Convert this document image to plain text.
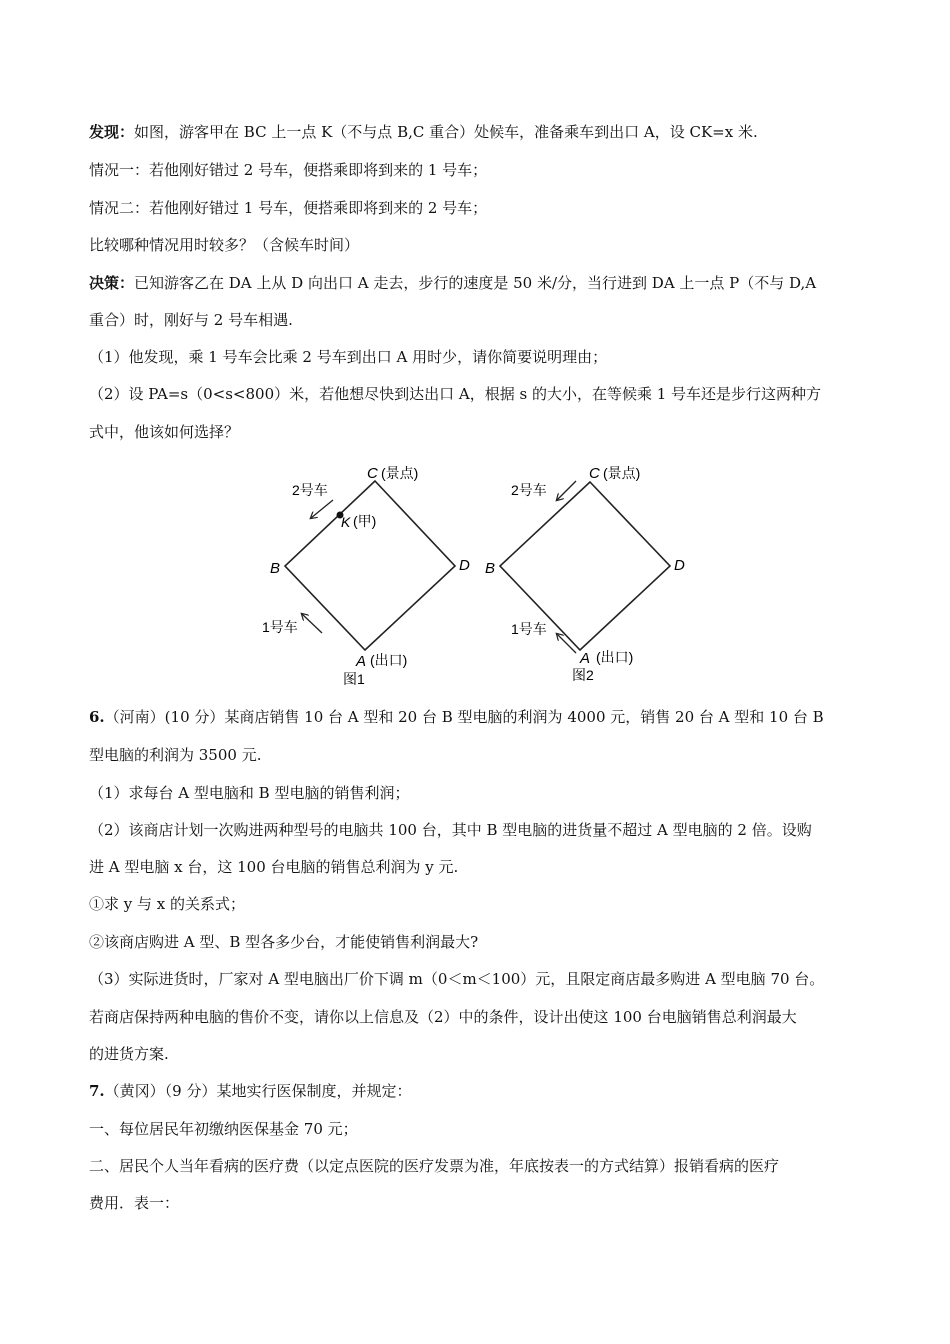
发现：如图，游客甲在 BC 上一点 K（不与点 B,C 重合）处候车，准备乘车到出口 A，设 CK=x 米.
情况一：若他刚好错过 2 号车，便搭乘即将到来的 1 号车；
情况二：若他刚好错过 1 号车，便搭乘即将到来的 2 号车；
比较哪种情况用时较多？（含候车时间）
决策：已知游客乙在 DA 上从 D 向出口 A 走去，步行的速度是 50 米/分，当行进到 DA 上一点 P（不与 D,A
重合）时，刚好与 2 号车相遇.
（1）他发现，乘 1 号车会比乘 2 号车到出口 A 用时少，请你简要说明理由；
（2）设 PA=s（0<s<800）米，若他想尽快到达出口 A，根据 s 的大小，在等候乘 1 号车还是步行这两种方
式中，他该如何选择？
C (景点)
2号车
K (甲)
B	D
1号车
A (出口)
图1
C (景点)
2号车
B	D
1号车
A (出口)
图2
6.（河南）(10 分）某商店销售 10 台 A 型和 20 台 B 型电脑的利润为 4000 元，销售 20 台 A 型和 10 台 B
型电脑的利润为 3500 元.
（1）求每台 A 型电脑和 B 型电脑的销售利润；
（2）该商店计划一次购进两种型号的电脑共 100 台，其中 B 型电脑的进货量不超过 A 型电脑的 2 倍。设购
进 A 型电脑 x 台，这 100 台电脑的销售总利润为 y 元.
①求 y 与 x 的关系式；
②该商店购进 A 型、B 型各多少台，才能使销售利润最大?
（3）实际进货时，厂家对 A 型电脑出厂价下调 m（0＜m＜100）元，且限定商店最多购进 A 型电脑 70 台。
若商店保持两种电脑的售价不变，请你以上信息及（2）中的条件，设计出使这 100 台电脑销售总利润最大
的进货方案.
7.（黄冈）（9 分）某地实行医保制度，并规定：
一、每位居民年初缴纳医保基金 70 元；
二、居民个人当年看病的医疗费（以定点医院的医疗发票为准，年底按表一的方式结算）报销看病的医疗
费用．表一：
